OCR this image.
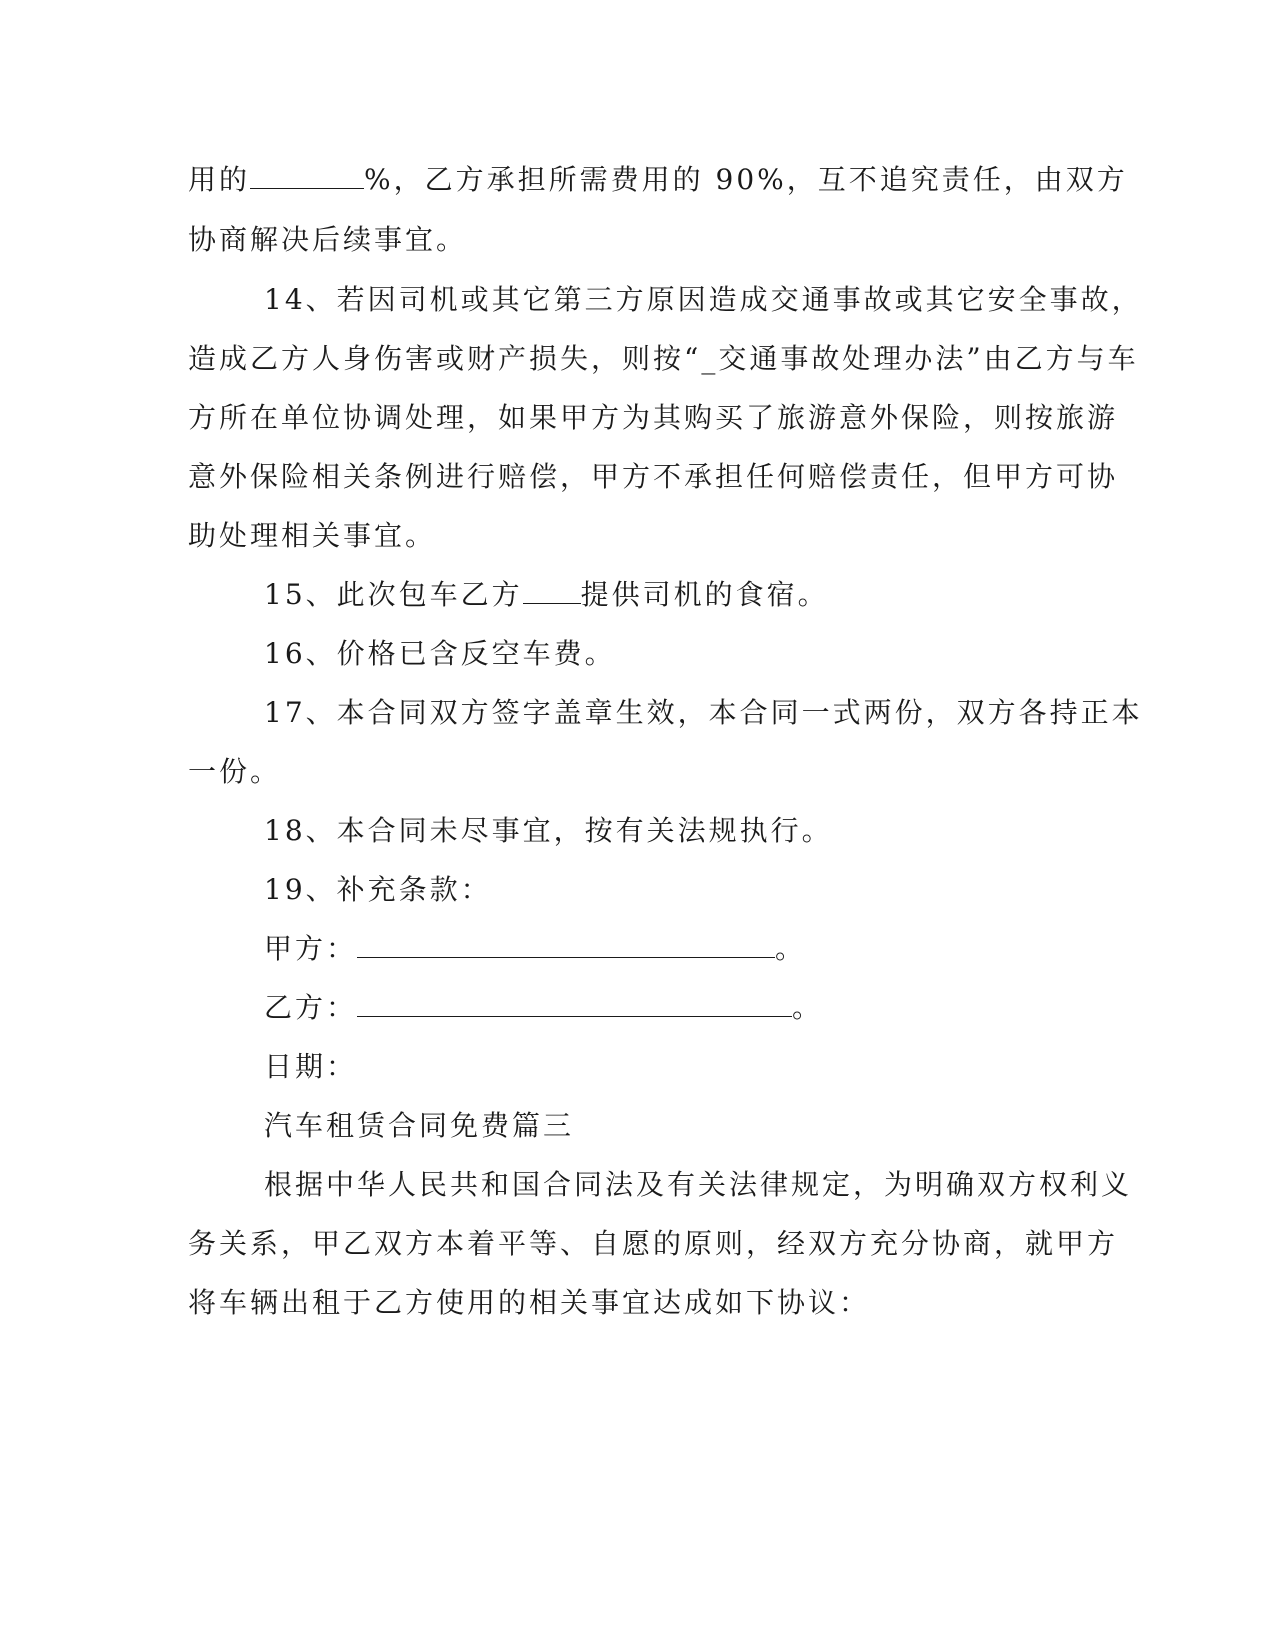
用的	%，乙方承担所需费用的 90%，互不追究责任，由双方
协商解决后续事宜。
14、若因司机或其它第三方原因造成交通事故或其它安全事故，
造成乙方人身伤害或财产损失，则按“_交通事故处理办法”由乙方与车
方所在单位协调处理，如果甲方为其购买了旅游意外保险，则按旅游
意外保险相关条例进行赔偿，甲方不承担任何赔偿责任，但甲方可协
助处理相关事宜。
15、此次包车乙方 提供司机的食宿。
16、价格已含反空车费。
17、本合同双方签字盖章生效，本合同一式两份，双方各持正本
一份。
18、本合同未尽事宜，按有关法规执行。
19、补充条款：
甲方：	。
乙方：	。
日期：
汽车租赁合同免费篇三
根据中华人民共和国合同法及有关法律规定，为明确双方权利义
务关系，甲乙双方本着平等、自愿的原则，经双方充分协商，就甲方
将车辆出租于乙方使用的相关事宜达成如下协议：
